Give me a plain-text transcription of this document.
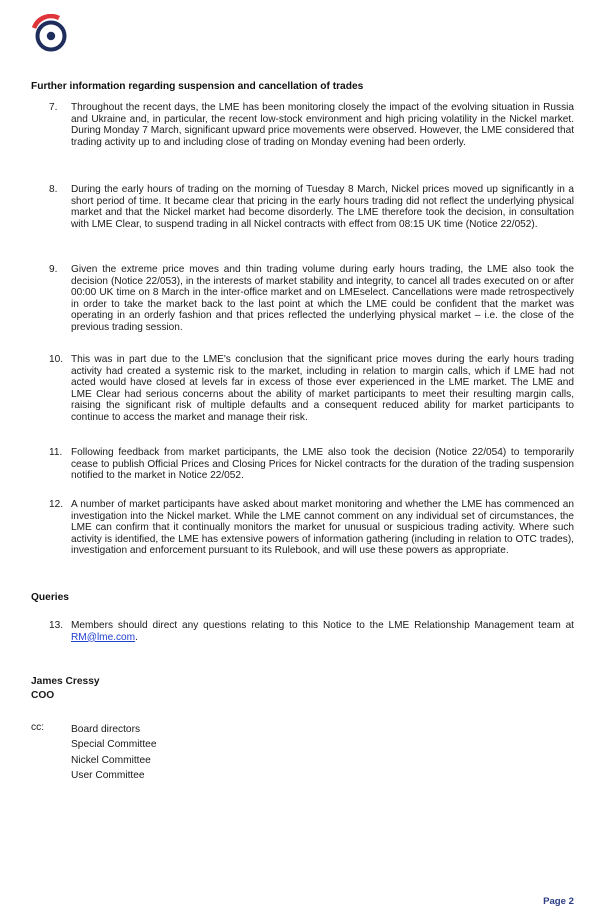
Further information regarding suspension and cancellation of trades
7.	Throughout the recent days, the LME has been monitoring closely the impact of the evolving situation in Russia and Ukraine and, in particular, the recent low-stock environment and high pricing volatility in the Nickel market. During Monday 7 March, significant upward price movements were observed. However, the LME considered that trading activity up to and including close of trading on Monday evening had been orderly.
8.	During the early hours of trading on the morning of Tuesday 8 March, Nickel prices moved up significantly in a short period of time. It became clear that pricing in the early hours trading did not reflect the underlying physical market and that the Nickel market had become disorderly. The LME therefore took the decision, in consultation with LME Clear, to suspend trading in all Nickel contracts with effect from 08:15 UK time (Notice 22/052).
9.	Given the extreme price moves and thin trading volume during early hours trading, the LME also took the decision (Notice 22/053), in the interests of market stability and integrity, to cancel all trades executed on or after 00:00 UK time on 8 March in the inter-office market and on LMEselect. Cancellations were made retrospectively in order to take the market back to the last point at which the LME could be confident that the market was operating in an orderly fashion and that prices reflected the underlying physical market – i.e. the close of the previous trading session.
10. This was in part due to the LME's conclusion that the significant price moves during the early hours trading activity had created a systemic risk to the market, including in relation to margin calls, which if LME had not acted would have closed at levels far in excess of those ever experienced in the LME market. The LME and LME Clear had serious concerns about the ability of market participants to meet their resulting margin calls, raising the significant risk of multiple defaults and a consequent reduced ability for market participants to continue to access the market and manage their risk.
11. Following feedback from market participants, the LME also took the decision (Notice 22/054) to temporarily cease to publish Official Prices and Closing Prices for Nickel contracts for the duration of the trading suspension notified to the market in Notice 22/052.
12. A number of market participants have asked about market monitoring and whether the LME has commenced an investigation into the Nickel market. While the LME cannot comment on any individual set of circumstances, the LME can confirm that it continually monitors the market for unusual or suspicious trading activity. Where such activity is identified, the LME has extensive powers of information gathering (including in relation to OTC trades), investigation and enforcement pursuant to its Rulebook, and will use these powers as appropriate.
Queries
13. Members should direct any questions relating to this Notice to the LME Relationship Management team at RM@lme.com.
James Cressy
COO
cc:	Board directors
Special Committee
Nickel Committee
User Committee
Page 2
